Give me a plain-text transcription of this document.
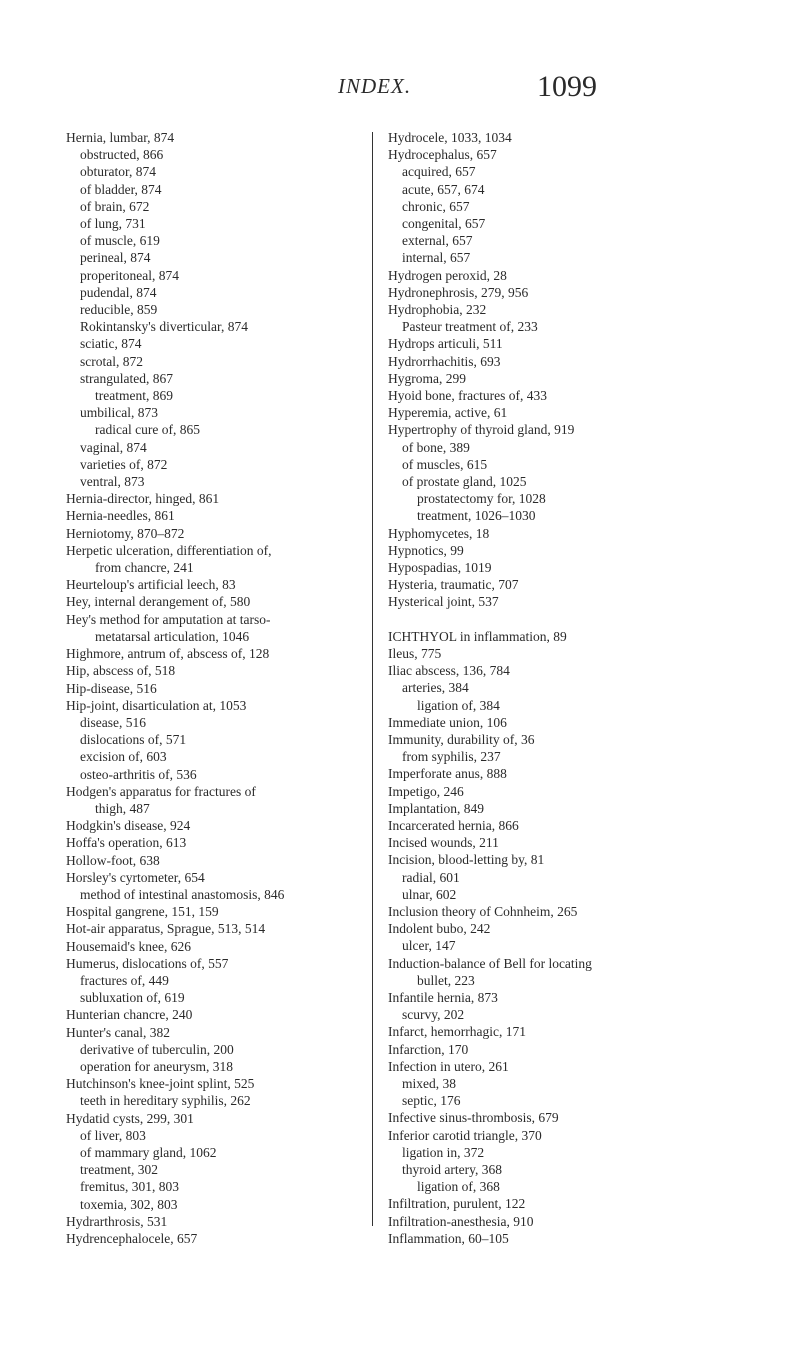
INDEX.	1099
Hernia, lumbar, 874
obstructed, 866
obturator, 874
of bladder, 874
of brain, 672
of lung, 731
of muscle, 619
perineal, 874
properitoneal, 874
pudendal, 874
reducible, 859
Rokintansky's diverticular, 874
sciatic, 874
scrotal, 872
strangulated, 867
treatment, 869
umbilical, 873
radical cure of, 865
vaginal, 874
varieties of, 872
ventral, 873
Hernia-director, hinged, 861
Hernia-needles, 861
Herniotomy, 870–872
Herpetic ulceration, differentiation of,
from chancre, 241
Heurteloup's artificial leech, 83
Hey, internal derangement of, 580
Hey's method for amputation at tarso-
metatarsal articulation, 1046
Highmore, antrum of, abscess of, 128
Hip, abscess of, 518
Hip-disease, 516
Hip-joint, disarticulation at, 1053
disease, 516
dislocations of, 571
excision of, 603
osteo-arthritis of, 536
Hodgen's apparatus for fractures of
thigh, 487
Hodgkin's disease, 924
Hoffa's operation, 613
Hollow-foot, 638
Horsley's cyrtometer, 654
method of intestinal anastomosis, 846
Hospital gangrene, 151, 159
Hot-air apparatus, Sprague, 513, 514
Housemaid's knee, 626
Humerus, dislocations of, 557
fractures of, 449
subluxation of, 619
Hunterian chancre, 240
Hunter's canal, 382
derivative of tuberculin, 200
operation for aneurysm, 318
Hutchinson's knee-joint splint, 525
teeth in hereditary syphilis, 262
Hydatid cysts, 299, 301
of liver, 803
of mammary gland, 1062
treatment, 302
fremitus, 301, 803
toxemia, 302, 803
Hydrarthrosis, 531
Hydrencephalocele, 657
Hydrocele, 1033, 1034
Hydrocephalus, 657
acquired, 657
acute, 657, 674
chronic, 657
congenital, 657
external, 657
internal, 657
Hydrogen peroxid, 28
Hydronephrosis, 279, 956
Hydrophobia, 232
Pasteur treatment of, 233
Hydrops articuli, 511
Hydrorrhachitis, 693
Hygroma, 299
Hyoid bone, fractures of, 433
Hyperemia, active, 61
Hypertrophy of thyroid gland, 919
of bone, 389
of muscles, 615
of prostate gland, 1025
prostatectomy for, 1028
treatment, 1026–1030
Hyphomycetes, 18
Hypnotics, 99
Hypospadias, 1019
Hysteria, traumatic, 707
Hysterical joint, 537
ICHTHYOL in inflammation, 89
Ileus, 775
Iliac abscess, 136, 784
arteries, 384
ligation of, 384
Immediate union, 106
Immunity, durability of, 36
from syphilis, 237
Imperforate anus, 888
Impetigo, 246
Implantation, 849
Incarcerated hernia, 866
Incised wounds, 211
Incision, blood-letting by, 81
radial, 601
ulnar, 602
Inclusion theory of Cohnheim, 265
Indolent bubo, 242
ulcer, 147
Induction-balance of Bell for locating
bullet, 223
Infantile hernia, 873
scurvy, 202
Infarct, hemorrhagic, 171
Infarction, 170
Infection in utero, 261
mixed, 38
septic, 176
Infective sinus-thrombosis, 679
Inferior carotid triangle, 370
ligation in, 372
thyroid artery, 368
ligation of, 368
Infiltration, purulent, 122
Infiltration-anesthesia, 910
Inflammation, 60–105
